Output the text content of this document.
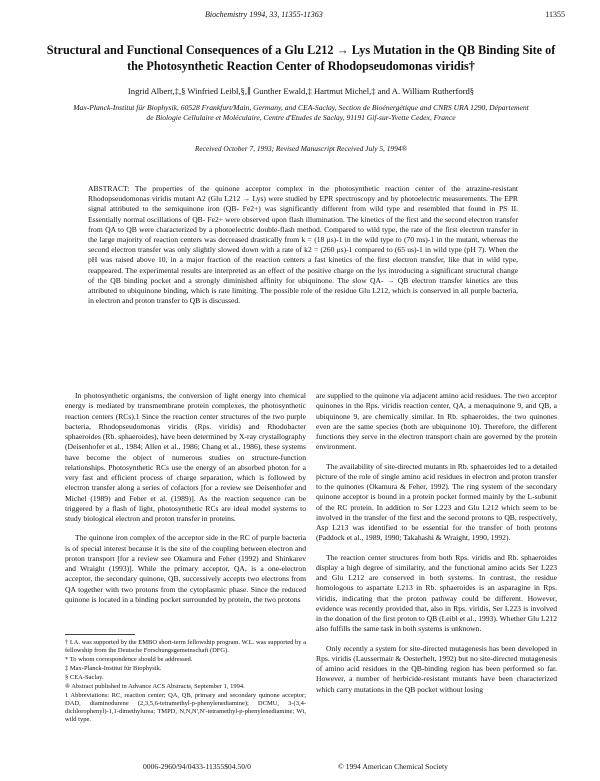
Biochemistry 1994, 33, 11355-11363	11355
Structural and Functional Consequences of a Glu L212 → Lys Mutation in the QB Binding Site of the Photosynthetic Reaction Center of Rhodopseudomonas viridis†
Ingrid Albert,‡,§ Winfried Leibl,§,∥ Gunther Ewald,‡ Hartmut Michel,‡ and A. William Rutherford§
Max-Planck-Institut für Biophysik, 60528 Frankfurt/Main, Germany, and CEA-Saclay, Section de Bioénergétique and CNRS URA 1290, Département de Biologie Cellulaire et Moléculaire, Centre d'Etudes de Saclay, 91191 Gif-sur-Yvette Cedex, France
Received October 7, 1993; Revised Manuscript Received July 5, 1994®

ABSTRACT: The properties of the quinone acceptor complex in the photosynthetic reaction center of the atrazine-resistant Rhodopseudomonas viridis mutant A2 (Glu L212 → Lys) were studied by EPR spectroscopy and by photoelectric measurements. The EPR signal attributed to the semiquinone iron (QB- Fe2+) was significantly different from wild type and resembled that found in PS II. Essentially normal oscillations of QB- Fe2+ were observed upon flash illumination. The kinetics of the first and the second electron transfer from QA to QB were characterized by a photoelectric double-flash method. Compared to wild type, the rate of the first electron transfer in the large majority of reaction centers was decreased drastically from k = (18 μs)-1 in the wild type to (70 ms)-1 in the mutant, whereas the second electron transfer was only slightly slowed down with a rate of k2 = (260 μs)-1 compared to (65 us)-1 in wild type (pH 7). When the pH was raised above 10, in a major fraction of the reaction centers a fast kinetics of the first electron transfer, like that in wild type, reappeared. The experimental results are interpreted as an effect of the positive charge on the lys introducing a significant structural change of the QB binding pocket and a strongly diminished affinity for ubiquinone. The slow QA- → QB electron transfer kinetics are thus attributed to ubiquinone binding, which is rate limiting. The possible role of the residue Glu L212, which is conserved in all purple bacteria, in electron and proton transfer to QB is discussed.

In photosynthetic organisms, the conversion of light energy into chemical energy is mediated by transmembrane protein complexes, the photosynthetic reaction centers (RCs).1 Since the reaction center structures of the two purple bacteria, Rhodopseudomonas viridis (Rps. viridis) and Rhodobacter sphaeroides (Rb. sphaeroides), have been determined by X-ray crystallography (Deisenhofer et al., 1984; Allen et al., 1986; Chang et al., 1986), these systems have become the object of numerous studies on structure-function relationships. Photosynthetic RCs use the energy of an absorbed photon for a very fast and efficient process of charge separation, which is followed by electron transfer along a series of cofactors [for a review see Deisenhofer and Michel (1989) and Feher et al. (1989)]. As the reaction sequence can be triggered by a flash of light, photosynthetic RCs are ideal model systems to study biological electron and proton transfer in proteins.

The quinone iron complex of the acceptor side in the RC of purple bacteria is of special interest because it is the site of the coupling between electron and proton transport [for a review see Okamura and Feher (1992) and Shinkarev and Wraight (1993)]. While the primary acceptor, QA, is a one-electron acceptor, the secondary quinone, QB, successively accepts two electrons from QA together with two protons from the cytoplasmic phase. Since the reduced quinone is located in a binding pocket surrounded by protein, the two protons

† I.A. was supported by the EMBO short-term fellowship program. W.L. was supported by a fellowship from the Deutsche Forschungsgemeinschaft (DFG).

* To whom correspondence should be addressed.

‡ Max-Planck-Institut für Biophysik.

§ CEA-Saclay.

® Abstract published in Advance ACS Abstracts, September 1, 1994.

1 Abbreviations: RC, reaction center; QA, QB, primary and secondary quinone acceptor; DAD, diaminodurene (2,3,5,6-tetramethyl-p-phenylenediamine); DCMU, 3-(3,4-dichlorophenyl)-1,1-dimethylurea; TMPD, N,N,N',N'-tetramethyl-p-phenylenediamine; Wt, wild type.

are supplied to the quinone via adjacent amino acid residues. The two acceptor quinones in the Rps. viridis reaction center, QA, a menaquinone 9, and QB, a ubiquinone 9, are chemically similar. In Rb. sphaeroides, the two quinones even are the same species (both are ubiquinone 10). Therefore, the different functions they serve in the electron transport chain are governed by the protein environment.

The availability of site-directed mutants in Rb. sphaeroides led to a detailed picture of the role of single amino acid residues in electron and proton transfer to the quinones (Okamura & Feher, 1992). The ring system of the secondary quinone acceptor is bound in a protein pocket formed mainly by the L-subunit of the RC protein. In addition to Ser L223 and Glu L212 which seem to be involved in the transfer of the first and the second protons to QB, respectively, Asp L213 was identified to be essential for the transfer of both protons (Paddock et al., 1989, 1990; Takahashi & Wraight, 1990, 1992).

The reaction center structures from both Rps. viridis and Rb. sphaeroides display a high degree of similarity, and the functional amino acids Ser L223 and Glu L212 are conserved in both systems. In contrast, the residue homologous to aspartate L213 in Rb. sphaeroides is an asparagine in Rps. viridis, indicating that the proton pathway could be different. However, evidence was recently provided that, also in Rps. viridis, Ser L223 is involved in the donation of the first proton to QB (Leibl et al., 1993). Whether Glu L212 also fulfills the same task in both systems is unknown.

Only recently a system for site-directed mutagenesis has been developed in Rps. viridis (Laussermair & Oesterhelt, 1992) but no site-directed mutagenesis of amino acid residues in the QB-binding region has been performed so far. However, a number of herbicide-resistant mutants have been characterized which carry mutations in the QB pocket without losing

0006-2960/94/0433-11355$04.50/0	© 1994 American Chemical Society
